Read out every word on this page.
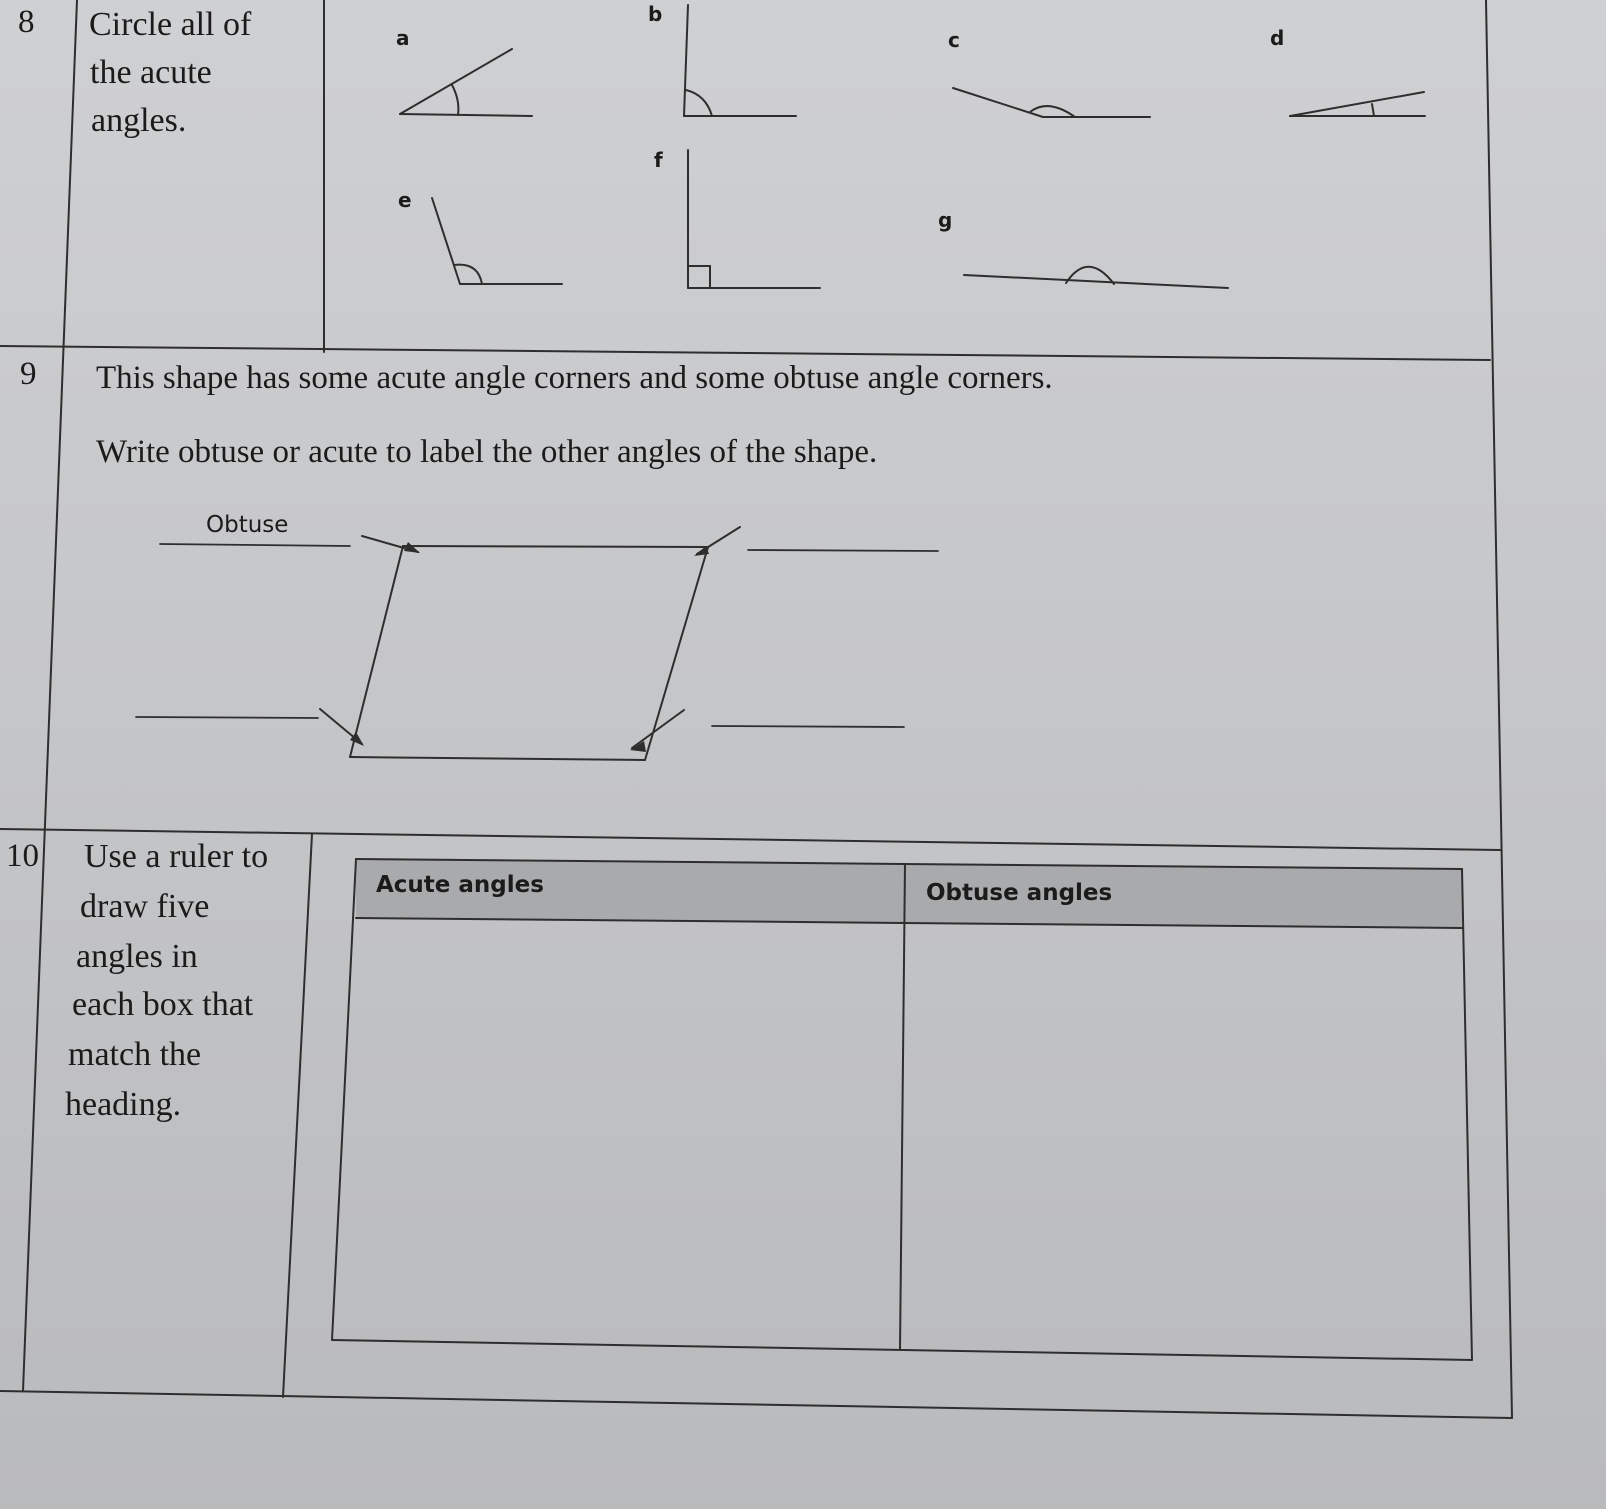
8 Circle all of
the acute
angles.
a
b
c	d
e
f
g
9 This shape has some acute angle corners and some obtuse angle corners.
Write obtuse or acute to label the other angles of the shape.
Obtuse
10 Use a ruler to
draw five
angles in
each box that
match the
heading.
Acute angles	Obtuse angles
